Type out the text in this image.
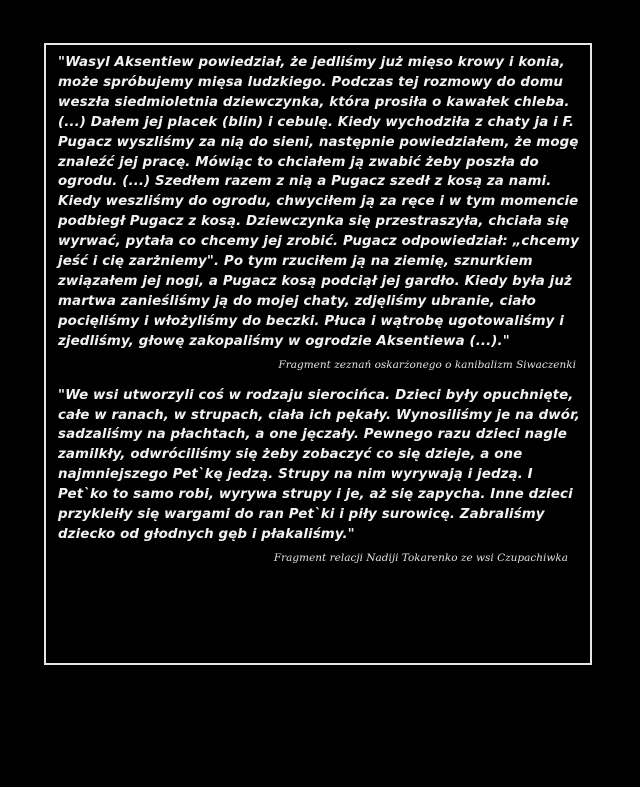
"Wasyl Aksentiew powiedział, że jedliśmy już mięso krowy i konia, może spróbujemy mięsa ludzkiego. Podczas tej rozmowy do domu weszła siedmioletnia dziewczynka, która prosiła o kawałek chleba. (...) Dałem jej placek (blin) i cebulę. Kiedy wychodziła z chaty ja i F. Pugacz wyszliśmy za nią do sieni, następnie powiedziałem, że mogę znaleźć jej pracę. Mówiąc to chciałem ją zwabić żeby poszła do ogrodu. (...) Szedłem razem z nią a Pugacz szedł z kosą za nami. Kiedy weszliśmy do ogrodu, chwyciłem ją za ręce i w tym momencie podbiegł Pugacz z kosą. Dziewczynka się przestraszyła, chciała się wyrwać, pytała co chcemy jej zrobić. Pugacz odpowiedział: „chcemy jeść i cię zarżniemy". Po tym rzuciłem ją na ziemię, sznurkiem związałem jej nogi, a Pugacz kosą podciął jej gardło. Kiedy była już martwa zanieśliśmy ją do mojej chaty, zdjęliśmy ubranie, ciało pocięliśmy i włożyliśmy do beczki. Płuca i wątrobę ugotowaliśmy i zjedliśmy, głowę zakopaliśmy w ogrodzie Aksentiewa (...)."

Fragment zeznań oskarżonego o kanibalizm Siwaczenki

"We wsi utworzyli coś w rodzaju sierocińca. Dzieci były opuchnięte, całe w ranach, w strupach, ciała ich pękały. Wynosiliśmy je na dwór, sadzaliśmy na płachtach, a one jęczały. Pewnego razu dzieci nagle zamilkły, odwróciliśmy się żeby zobaczyć co się dzieje, a one najmniejszego Pet`kę jedzą. Strupy na nim wyrywają i jedzą. I Pet`ko to samo robi, wyrywa strupy i je, aż się zapycha. Inne dzieci przykleiły się wargami do ran Pet`ki i piły surowicę. Zabraliśmy dziecko od głodnych gęb i płakaliśmy."

Fragment relacji Nadiji Tokarenko ze wsi Czupachiwka
